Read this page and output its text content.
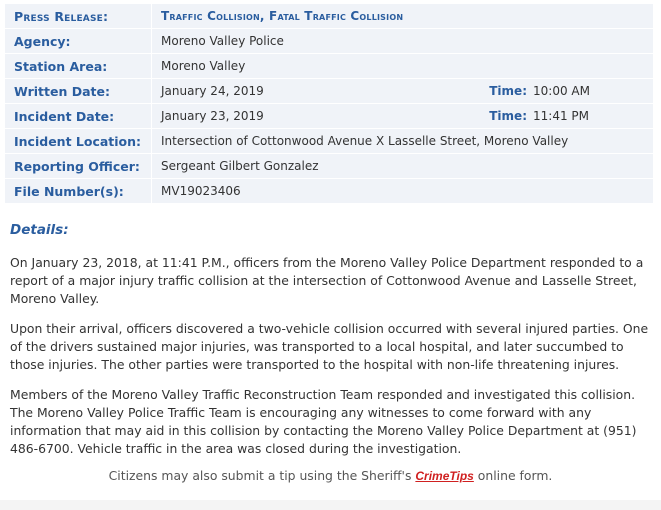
Press Release:	Traffic Collision, Fatal Traffic Collision		
Agency:	Moreno Valley Police		
Station Area:	Moreno Valley		
Written Date:	January 24, 2019	Time:	10:00 AM
Incident Date:	January 23, 2019	Time:	11:41 PM
Incident Location:	Intersection of Cottonwood Avenue X Lasselle Street, Moreno Valley		
Reporting Officer:	Sergeant Gilbert Gonzalez		
File Number(s):	MV19023406		
Details:

On January 23, 2018, at 11:41 P.M., officers from the Moreno Valley Police Department responded to a report of a major injury traffic collision at the intersection of Cottonwood Avenue and Lasselle Street, Moreno Valley.

Upon their arrival, officers discovered a two-vehicle collision occurred with several injured parties. One of the drivers sustained major injuries, was transported to a local hospital, and later succumbed to those injuries. The other parties were transported to the hospital with non-life threatening injures.

Members of the Moreno Valley Traffic Reconstruction Team responded and investigated this collision. The Moreno Valley Police Traffic Team is encouraging any witnesses to come forward with any information that may aid in this collision by contacting the Moreno Valley Police Department at (951) 486-6700. Vehicle traffic in the area was closed during the investigation.

Citizens may also submit a tip using the Sheriff's CrimeTips online form.
